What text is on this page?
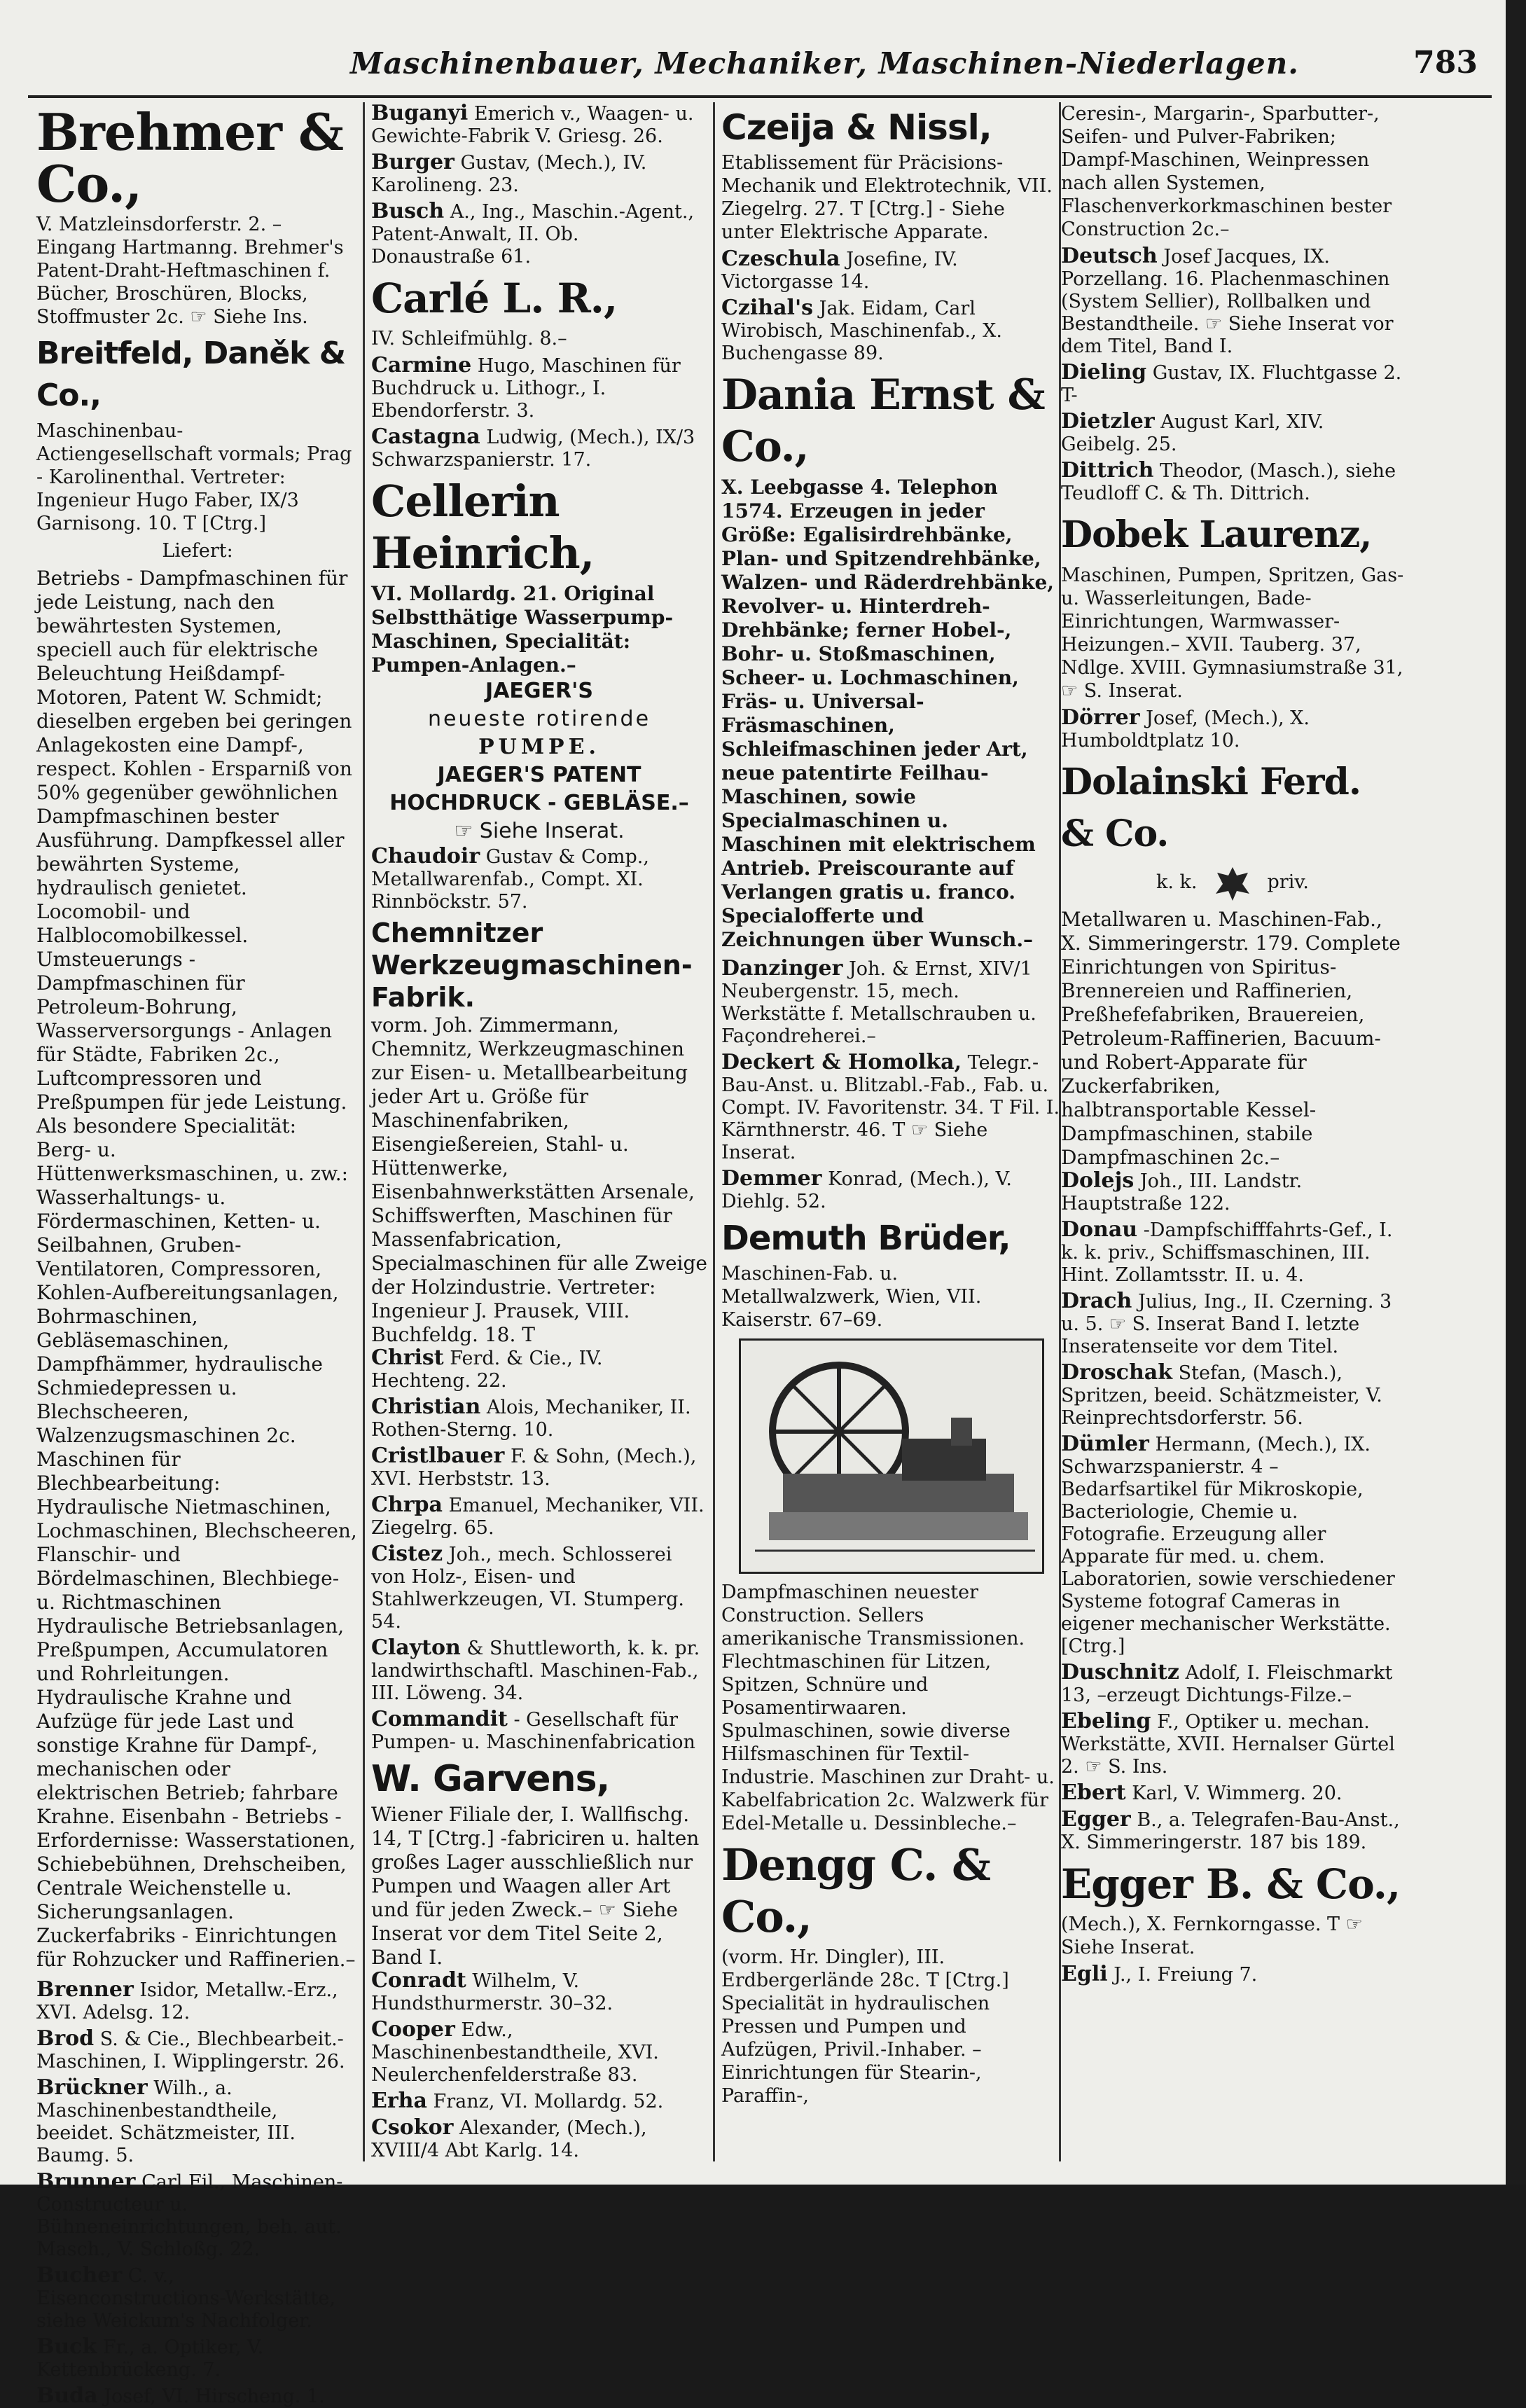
Maschinenbauer, Mechaniker, Maschinen-Niederlagen.	783
Brehmer & Co.,
V. Matzleinsdorferstr. 2. –Eingang Hartmanng. Brehmer's Patent-Draht-Heftmaschinen f. Bücher, Broschüren, Blocks, Stoffmuster 2c. ☞ Siehe Ins.
Breitfeld, Daněk & Co.,
Maschinenbau-Actiengesellschaft vormals; Prag - Karolinenthal. Vertreter: Ingenieur Hugo Faber, IX/3 Garnisong. 10. T [Ctrg.]
Liefert:
Betriebs - Dampfmaschinen für jede Leistung, nach den bewährtesten Systemen, speciell auch für elektrische Beleuchtung Heißdampf-Motoren, Patent W. Schmidt; dieselben ergeben bei geringen Anlagekosten eine Dampf-, respect. Kohlen - Ersparniß von 50% gegenüber gewöhnlichen Dampfmaschinen bester Ausführung. Dampfkessel aller bewährten Systeme, hydraulisch genietet. Locomobil- und Halblocomobilkessel. Umsteuerungs - Dampfmaschinen für Petroleum-Bohrung, Wasserversorgungs - Anlagen für Städte, Fabriken 2c., Luftcompressoren und Preßpumpen für jede Leistung. Als besondere Specialität:
Berg- u. Hüttenwerksmaschinen, u. zw.: Wasserhaltungs- u. Fördermaschinen, Ketten- u. Seilbahnen, Gruben-Ventilatoren, Compressoren, Kohlen-Aufbereitungsanlagen, Bohrmaschinen, Gebläsemaschinen, Dampfhämmer, hydraulische Schmiedepressen u. Blechscheeren, Walzenzugsmaschinen 2c. Maschinen für Blechbearbeitung: Hydraulische Nietmaschinen, Lochmaschinen, Blechscheeren, Flanschir- und Bördelmaschinen, Blechbiege- u. Richtmaschinen Hydraulische Betriebsanlagen, Preßpumpen, Accumulatoren und Rohrleitungen. Hydraulische Krahne und Aufzüge für jede Last und sonstige Krahne für Dampf-, mechanischen oder elektrischen Betrieb; fahrbare Krahne. Eisenbahn - Betriebs - Erfordernisse: Wasserstationen, Schiebebühnen, Drehscheiben, Centrale Weichenstelle u. Sicherungsanlagen. Zuckerfabriks - Einrichtungen für Rohzucker und Raffinerien.–
Brenner Isidor, Metallw.-Erz., XVI. Adelsg. 12.
Brod S. & Cie., Blechbearbeit.-Maschinen, I. Wipplingerstr. 26.
Brückner Wilh., a. Maschinenbestandtheile, beeidet. Schätzmeister, III. Baumg. 5.
Brunner Carl Fil., Maschinen-Constructeur u. Bühneneinrichtungen, beh. aut. Masch., V. Schloßg. 22.
Bucher C. v., Eisenconstructions-Werkstätte, siehe Weickum's Nachfolger.
Buck Fr., a. Optiker, V. Kettenbrückeng. 7.
Buda Josef, VI. Hirscheng. 1.
Buganyi Emerich v., Waagen- u. Gewichte-Fabrik V. Griesg. 26.
Burger Gustav, (Mech.), IV. Karolineng. 23.
Busch A., Ing., Maschin.-Agent., Patent-Anwalt, II. Ob. Donaustraße 61.
Carlé L. R.,
IV. Schleifmühlg. 8.–
Carmine Hugo, Maschinen für Buchdruck u. Lithogr., I. Ebendorferstr. 3.
Castagna Ludwig, (Mech.), IX/3 Schwarzspanierstr. 17.
Cellerin Heinrich,
VI. Mollardg. 21. Original Selbstthätige Wasserpump-Maschinen, Specialität: Pumpen-Anlagen.–
JAEGER'S
neueste rotirende
PUMPE.
JAEGER'S PATENT
HOCHDRUCK - GEBLÄSE.–
☞ Siehe Inserat.
Chaudoir Gustav & Comp., Metallwarenfab., Compt. XI. Rinnböckstr. 57.
Chemnitzer Werkzeugmaschinen-Fabrik.
vorm. Joh. Zimmermann, Chemnitz, Werkzeugmaschinen zur Eisen- u. Metallbearbeitung jeder Art u. Größe für Maschinenfabriken, Eisengießereien, Stahl- u. Hüttenwerke, Eisenbahnwerkstätten Arsenale, Schiffswerften, Maschinen für Massenfabrication, Specialmaschinen für alle Zweige der Holzindustrie. Vertreter: Ingenieur J. Prausek, VIII. Buchfeldg. 18. T
Christ Ferd. & Cie., IV. Hechteng. 22.
Christian Alois, Mechaniker, II. Rothen-Sterng. 10.
Cristlbauer F. & Sohn, (Mech.), XVI. Herbststr. 13.
Chrpa Emanuel, Mechaniker, VII. Ziegelrg. 65.
Cistez Joh., mech. Schlosserei von Holz-, Eisen- und Stahlwerkzeugen, VI. Stumperg. 54.
Clayton & Shuttleworth, k. k. pr. landwirthschaftl. Maschinen-Fab., III. Löweng. 34.
Commandit - Gesellschaft für Pumpen- u. Maschinenfabrication
W. Garvens,
Wiener Filiale der, I. Wallfischg. 14, T [Ctrg.] -fabriciren u. halten großes Lager ausschließlich nur Pumpen und Waagen aller Art und für jeden Zweck.– ☞ Siehe Inserat vor dem Titel Seite 2, Band I.
Conradt Wilhelm, V. Hundsthurmerstr. 30–32.
Cooper Edw., Maschinenbestandtheile, XVI. Neulerchenfelderstraße 83.
Erha Franz, VI. Mollardg. 52.
Csokor Alexander, (Mech.), XVIII/4 Abt Karlg. 14.
Czeija & Nissl,
Etablissement für Präcisions-Mechanik und Elektrotechnik, VII. Ziegelrg. 27. T [Ctrg.] - Siehe unter Elektrische Apparate.
Czeschula Josefine, IV. Victorgasse 14.
Czihal's Jak. Eidam, Carl Wirobisch, Maschinenfab., X. Buchengasse 89.
Dania Ernst & Co.,
X. Leebgasse 4. Telephon 1574. Erzeugen in jeder Größe: Egalisirdrehbänke, Plan- und Spitzendrehbänke, Walzen- und Räderdrehbänke, Revolver- u. Hinterdreh-Drehbänke; ferner Hobel-, Bohr- u. Stoßmaschinen, Scheer- u. Lochmaschinen, Fräs- u. Universal-Fräsmaschinen, Schleifmaschinen jeder Art, neue patentirte Feilhau-Maschinen, sowie Specialmaschinen u. Maschinen mit elektrischem Antrieb. Preiscourante auf Verlangen gratis u. franco. Specialofferte und Zeichnungen über Wunsch.–
Danzinger Joh. & Ernst, XIV/1 Neubergenstr. 15, mech. Werkstätte f. Metallschrauben u. Façondreherei.–
Deckert & Homolka, Telegr.-Bau-Anst. u. Blitzabl.-Fab., Fab. u. Compt. IV. Favoritenstr. 34. T Fil. I. Kärnthnerstr. 46. T ☞ Siehe Inserat.
Demmer Konrad, (Mech.), V. Diehlg. 52.
Demuth Brüder,
Maschinen-Fab. u. Metallwalzwerk, Wien, VII. Kaiserstr. 67–69.
Dampfmaschinen neuester Construction. Sellers amerikanische Transmissionen. Flechtmaschinen für Litzen, Spitzen, Schnüre und Posamentirwaaren. Spulmaschinen, sowie diverse Hilfsmaschinen für Textil-Industrie. Maschinen zur Draht- u. Kabelfabrication 2c. Walzwerk für Edel-Metalle u. Dessinbleche.–
Dengg C. & Co.,
(vorm. Hr. Dingler), III. Erdbergerlände 28c. T [Ctrg.] Specialität in hydraulischen Pressen und Pumpen und Aufzügen, Privil.-Inhaber. – Einrichtungen für Stearin-, Paraffin-,
Ceresin-, Margarin-, Sparbutter-, Seifen- und Pulver-Fabriken; Dampf-Maschinen, Weinpressen nach allen Systemen, Flaschenverkorkmaschinen bester Construction 2c.–
Deutsch Josef Jacques, IX. Porzellang. 16. Plachenmaschinen (System Sellier), Rollbalken und Bestandtheile. ☞ Siehe Inserat vor dem Titel, Band I.
Dieling Gustav, IX. Fluchtgasse 2. T-
Dietzler August Karl, XIV. Geibelg. 25.
Dittrich Theodor, (Masch.), siehe Teudloff C. & Th. Dittrich.
Dobek Laurenz,
Maschinen, Pumpen, Spritzen, Gas- u. Wasserleitungen, Bade-Einrichtungen, Warmwasser-Heizungen.– XVII. Tauberg. 37, Ndlge. XVIII. Gymnasiumstraße 31, ☞ S. Inserat.
Dörrer Josef, (Mech.), X. Humboldtplatz 10.
Dolainski Ferd. & Co.
k. k.	priv.
Metallwaren u. Maschinen-Fab., X. Simmeringerstr. 179. Complete Einrichtungen von Spiritus-Brennereien und Raffinerien, Preßhefefabriken, Brauereien, Petroleum-Raffinerien, Bacuum- und Robert-Apparate für Zuckerfabriken, halbtransportable Kessel-Dampfmaschinen, stabile Dampfmaschinen 2c.–
Dolejs Joh., III. Landstr. Hauptstraße 122.
Donau -Dampfschifffahrts-Gef., I. k. k. priv., Schiffsmaschinen, III. Hint. Zollamtsstr. II. u. 4.
Drach Julius, Ing., II. Czerning. 3 u. 5. ☞ S. Inserat Band I. letzte Inseratenseite vor dem Titel.
Droschak Stefan, (Masch.), Spritzen, beeid. Schätzmeister, V. Reinprechtsdorferstr. 56.
Dümler Hermann, (Mech.), IX. Schwarzspanierstr. 4 – Bedarfsartikel für Mikroskopie, Bacteriologie, Chemie u. Fotografie. Erzeugung aller Apparate für med. u. chem. Laboratorien, sowie verschiedener Systeme fotograf Cameras in eigener mechanischer Werkstätte. [Ctrg.]
Duschnitz Adolf, I. Fleischmarkt 13, –erzeugt Dichtungs-Filze.–
Ebeling F., Optiker u. mechan. Werkstätte, XVII. Hernalser Gürtel 2. ☞ S. Ins.
Ebert Karl, V. Wimmerg. 20.
Egger B., a. Telegrafen-Bau-Anst., X. Simmeringerstr. 187 bis 189.
Egger B. & Co.,
(Mech.), X. Fernkorngasse. T ☞ Siehe Inserat.
Egli J., I. Freiung 7.
